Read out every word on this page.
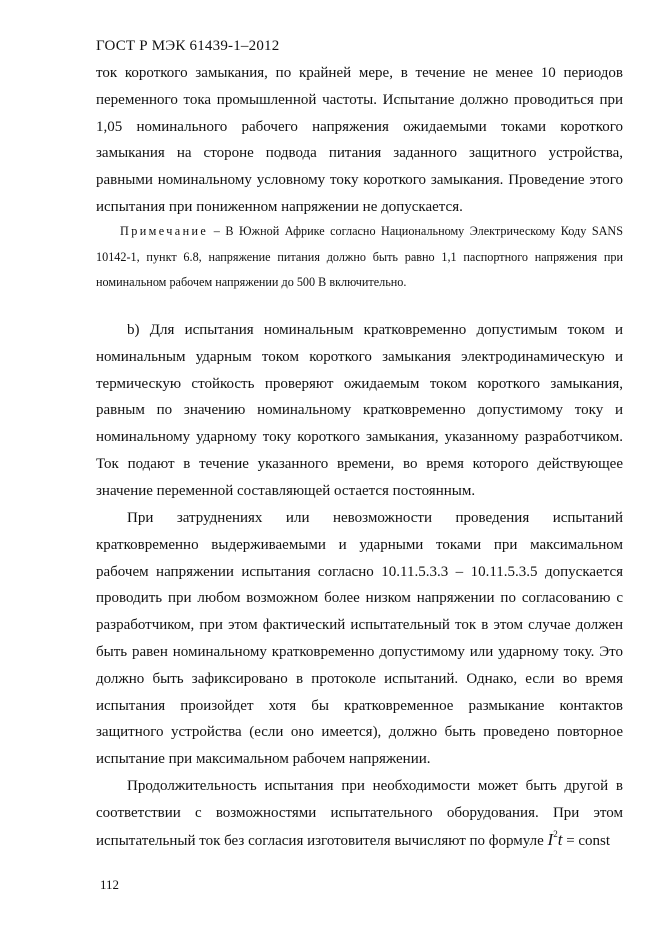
ГОСТ Р МЭК 61439-1–2012
ток короткого замыкания, по крайней мере, в течение не менее 10 периодов переменного тока промышленной частоты. Испытание должно проводиться при 1,05 номинального рабочего напряжения ожидаемыми токами короткого замыкания на стороне подвода питания заданного защитного устройства, равными номинальному условному току короткого замыкания. Проведение этого испытания при пониженном напряжении не допускается.
Примечание – В Южной Африке согласно Национальному Электрическому Коду SANS 10142-1, пункт 6.8, напряжение питания должно быть равно 1,1 паспортного напряжения при номинальном рабочем напряжении до 500 В включительно.

b) Для испытания номинальным кратковременно допустимым током и номинальным ударным током короткого замыкания электродинамическую и термическую стойкость проверяют ожидаемым током короткого замыкания, равным по значению номинальному кратковременно допустимому току и номинальному ударному току короткого замыкания, указанному разработчиком. Ток подают в течение указанного времени, во время которого действующее значение переменной составляющей остается постоянным.

При затруднениях или невозможности проведения испытаний кратковременно выдерживаемыми и ударными токами при максимальном рабочем напряжении испытания согласно 10.11.5.3.3 – 10.11.5.3.5 допускается проводить при любом возможном более низком напряжении по согласованию с разработчиком, при этом фактический испытательный ток в этом случае должен быть равен номинальному кратковременно допустимому или ударному току. Это должно быть зафиксировано в протоколе испытаний. Однако, если во время испытания произойдет хотя бы кратковременное размыкание контактов защитного устройства (если оно имеется), должно быть проведено повторное испытание при максимальном рабочем напряжении.

Продолжительность испытания при необходимости может быть другой в соответствии с возможностями испытательного оборудования. При этом испытательный ток без согласия изготовителя вычисляют по формуле $I^2t$ = const

112
